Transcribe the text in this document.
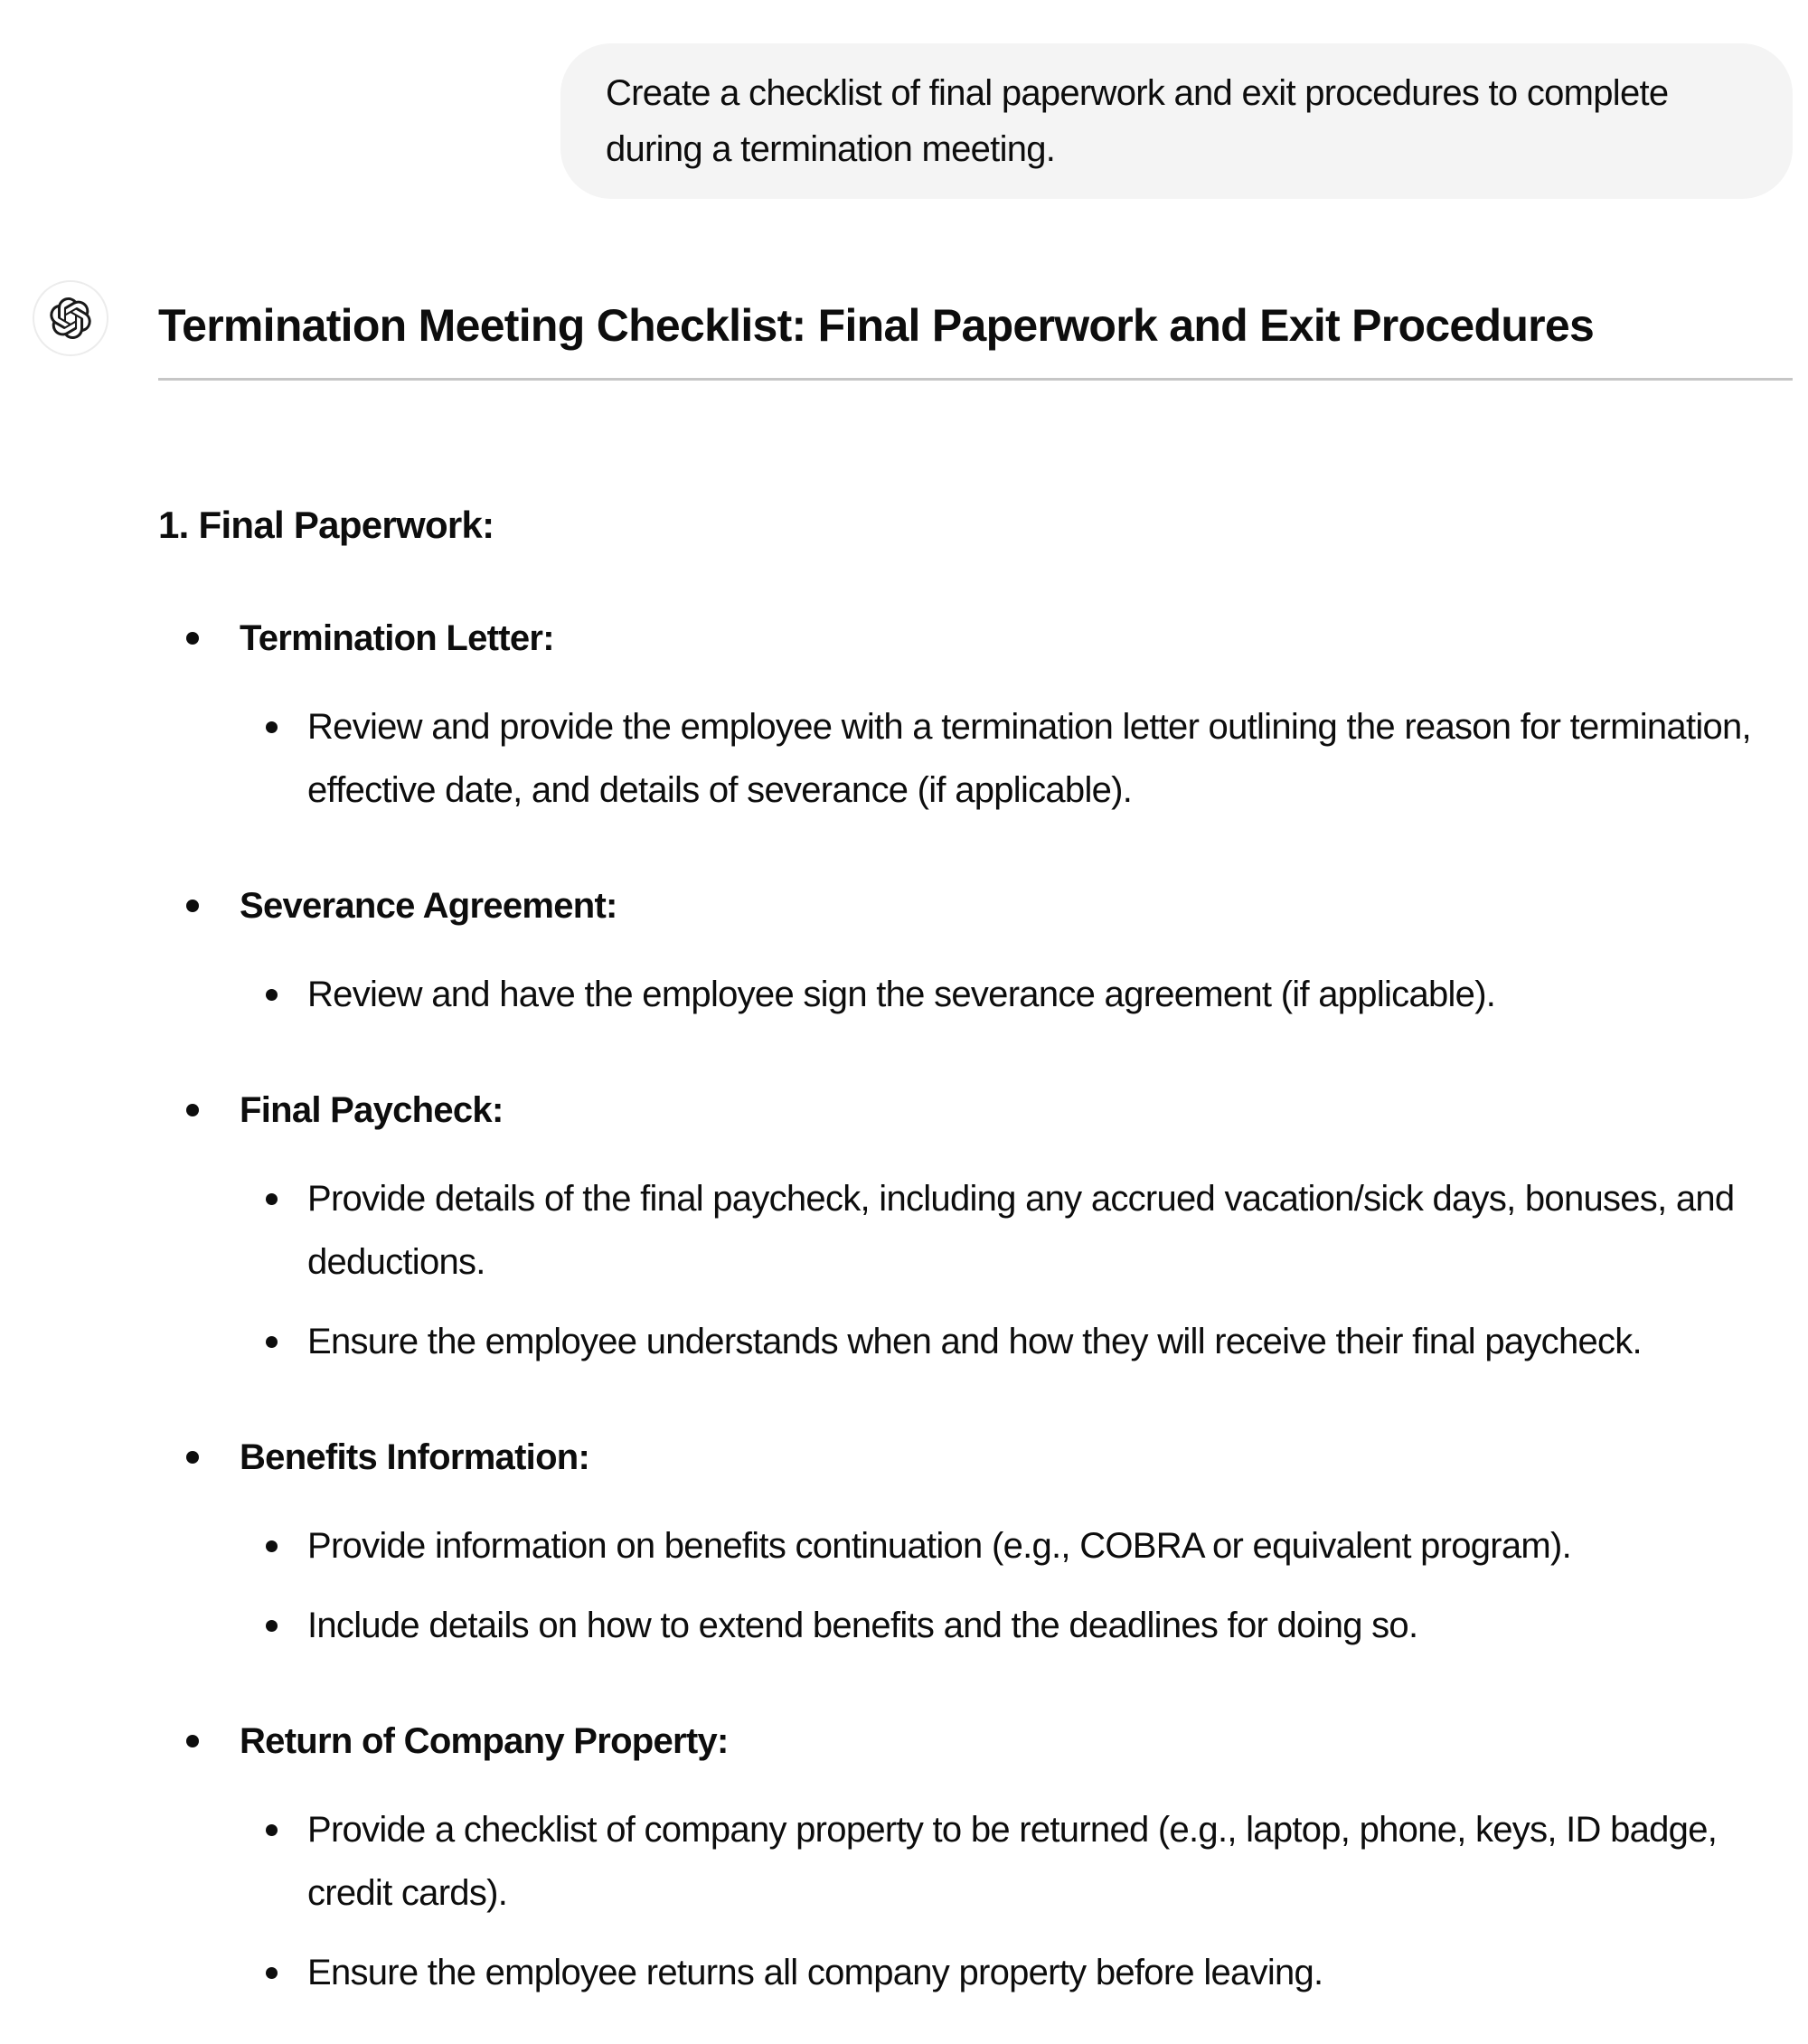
Create a checklist of final paperwork and exit procedures to complete during a termination meeting.
Termination Meeting Checklist: Final Paperwork and Exit Procedures
1. Final Paperwork:
Termination Letter:
Review and provide the employee with a termination letter outlining the reason for termination, effective date, and details of severance (if applicable).
Severance Agreement:
Review and have the employee sign the severance agreement (if applicable).
Final Paycheck:
Provide details of the final paycheck, including any accrued vacation/sick days, bonuses, and deductions.
Ensure the employee understands when and how they will receive their final paycheck.
Benefits Information:
Provide information on benefits continuation (e.g., COBRA or equivalent program).
Include details on how to extend benefits and the deadlines for doing so.
Return of Company Property:
Provide a checklist of company property to be returned (e.g., laptop, phone, keys, ID badge, credit cards).
Ensure the employee returns all company property before leaving.
